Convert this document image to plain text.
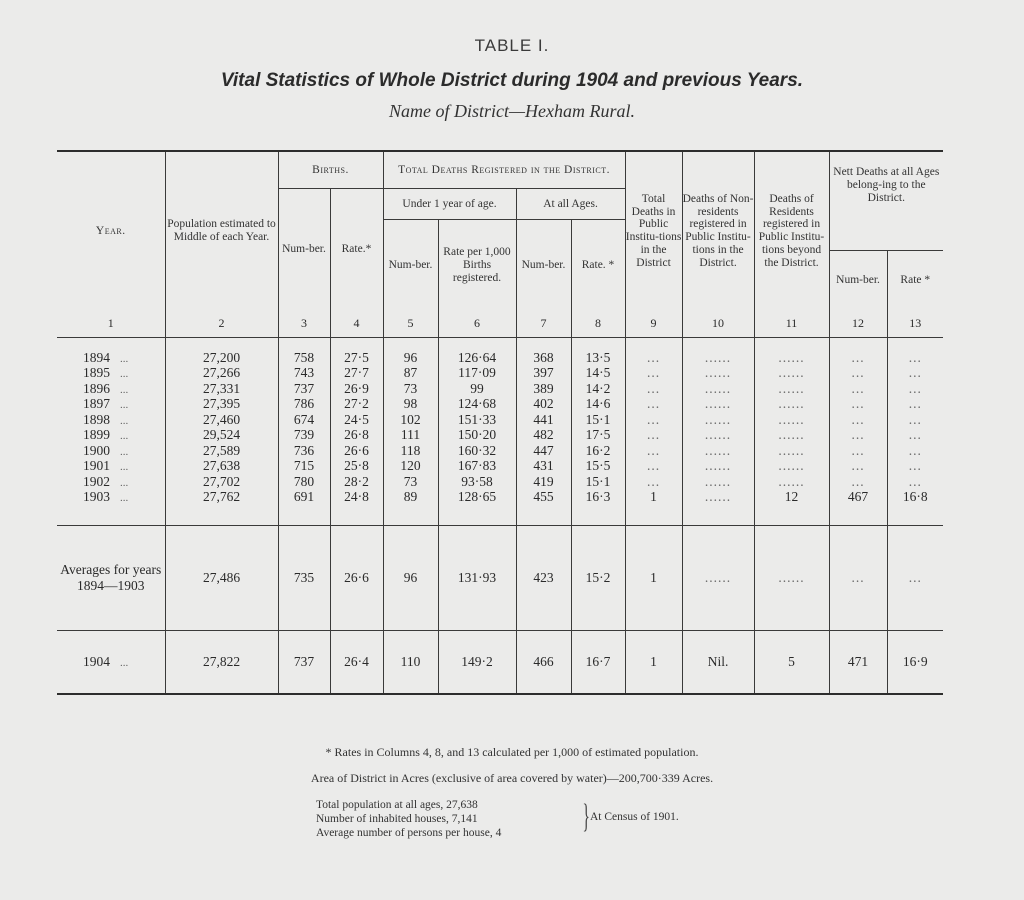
TABLE I.
Vital Statistics of Whole District during 1904 and previous Years.
Name of District—Hexham Rural.
Year.	Population estimated to Middle of each Year.	Births.		Total Deaths Registered in the District.				Total Deaths in Public Institu-tions in the District	Deaths of Non-residents registered in Public Institu-tions in the District.	Deaths of Residents registered in Public Institu-tions beyond the District.	Nett Deaths at all Ages belong-ing to the District.	
		Num-ber.	Rate.*	Under 1 year of age.		At all Ages.						
				Num-ber.	Rate per 1,000 Births registered.	Num-ber.	Rate. *					
											Num-ber.	Rate *
1	2	3	4	5	6	7	8	9	10	11	12	13

1894 ...	27,200	758	27·5	96	126·64	368	13·5	...	......	......	...	...
1895 ...	27,266	743	27·7	87	117·09	397	14·5	...	......	......	...	...
1896 ...	27,331	737	26·9	73	99	389	14·2	...	......	......	...	...
1897 ...	27,395	786	27·2	98	124·68	402	14·6	...	......	......	...	...
1898 ...	27,460	674	24·5	102	151·33	441	15·1	...	......	......	...	...
1899 ...	29,524	739	26·8	111	150·20	482	17·5	...	......	......	...	...
1900 ...	27,589	736	26·6	118	160·32	447	16·2	...	......	......	...	...
1901 ...	27,638	715	25·8	120	167·83	431	15·5	...	......	......	...	...
1902 ...	27,702	780	28·2	73	93·58	419	15·1	...	......	......	...	...
1903 ...	27,762	691	24·8	89	128·65	455	16·3	1	......	12	467	16·8

Averages for years 1894—1903	27,486	735	26·6	96	131·93	423	15·2	1	......	......	...	...
1904 ...	27,822	737	26·4	110	149·2	466	16·7	1	Nil.	5	471	16·9
* Rates in Columns 4, 8, and 13 calculated per 1,000 of estimated population.
Area of District in Acres (exclusive of area covered by water)—200,700·339 Acres.
Total population at all ages, 27,638
Number of inhabited houses, 7,141
Average number of persons per house, 4 } At Census of 1901.
